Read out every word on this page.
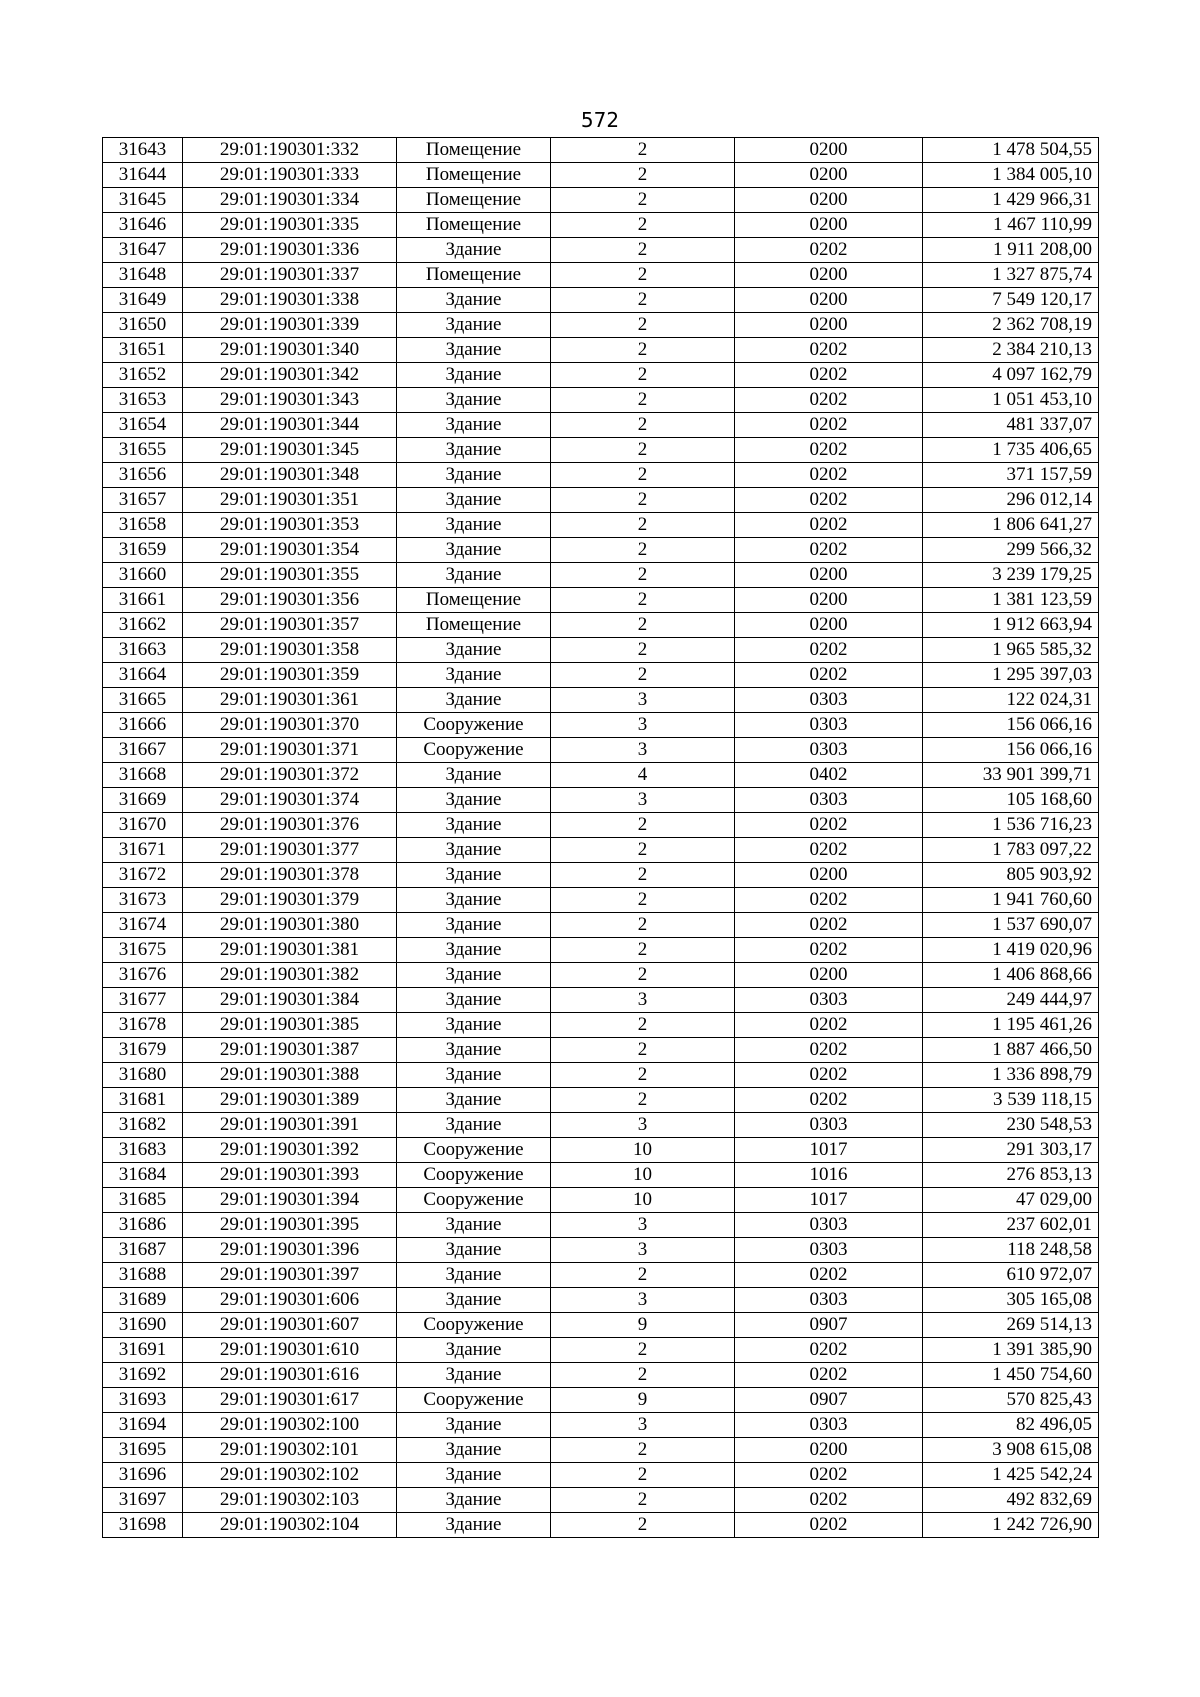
572
31643	29:01:190301:332	Помещение	2	0200	1 478 504,55
31644	29:01:190301:333	Помещение	2	0200	1 384 005,10
31645	29:01:190301:334	Помещение	2	0200	1 429 966,31
31646	29:01:190301:335	Помещение	2	0200	1 467 110,99
31647	29:01:190301:336	Здание	2	0202	1 911 208,00
31648	29:01:190301:337	Помещение	2	0200	1 327 875,74
31649	29:01:190301:338	Здание	2	0200	7 549 120,17
31650	29:01:190301:339	Здание	2	0200	2 362 708,19
31651	29:01:190301:340	Здание	2	0202	2 384 210,13
31652	29:01:190301:342	Здание	2	0202	4 097 162,79
31653	29:01:190301:343	Здание	2	0202	1 051 453,10
31654	29:01:190301:344	Здание	2	0202	481 337,07
31655	29:01:190301:345	Здание	2	0202	1 735 406,65
31656	29:01:190301:348	Здание	2	0202	371 157,59
31657	29:01:190301:351	Здание	2	0202	296 012,14
31658	29:01:190301:353	Здание	2	0202	1 806 641,27
31659	29:01:190301:354	Здание	2	0202	299 566,32
31660	29:01:190301:355	Здание	2	0200	3 239 179,25
31661	29:01:190301:356	Помещение	2	0200	1 381 123,59
31662	29:01:190301:357	Помещение	2	0200	1 912 663,94
31663	29:01:190301:358	Здание	2	0202	1 965 585,32
31664	29:01:190301:359	Здание	2	0202	1 295 397,03
31665	29:01:190301:361	Здание	3	0303	122 024,31
31666	29:01:190301:370	Сооружение	3	0303	156 066,16
31667	29:01:190301:371	Сооружение	3	0303	156 066,16
31668	29:01:190301:372	Здание	4	0402	33 901 399,71
31669	29:01:190301:374	Здание	3	0303	105 168,60
31670	29:01:190301:376	Здание	2	0202	1 536 716,23
31671	29:01:190301:377	Здание	2	0202	1 783 097,22
31672	29:01:190301:378	Здание	2	0200	805 903,92
31673	29:01:190301:379	Здание	2	0202	1 941 760,60
31674	29:01:190301:380	Здание	2	0202	1 537 690,07
31675	29:01:190301:381	Здание	2	0202	1 419 020,96
31676	29:01:190301:382	Здание	2	0200	1 406 868,66
31677	29:01:190301:384	Здание	3	0303	249 444,97
31678	29:01:190301:385	Здание	2	0202	1 195 461,26
31679	29:01:190301:387	Здание	2	0202	1 887 466,50
31680	29:01:190301:388	Здание	2	0202	1 336 898,79
31681	29:01:190301:389	Здание	2	0202	3 539 118,15
31682	29:01:190301:391	Здание	3	0303	230 548,53
31683	29:01:190301:392	Сооружение	10	1017	291 303,17
31684	29:01:190301:393	Сооружение	10	1016	276 853,13
31685	29:01:190301:394	Сооружение	10	1017	47 029,00
31686	29:01:190301:395	Здание	3	0303	237 602,01
31687	29:01:190301:396	Здание	3	0303	118 248,58
31688	29:01:190301:397	Здание	2	0202	610 972,07
31689	29:01:190301:606	Здание	3	0303	305 165,08
31690	29:01:190301:607	Сооружение	9	0907	269 514,13
31691	29:01:190301:610	Здание	2	0202	1 391 385,90
31692	29:01:190301:616	Здание	2	0202	1 450 754,60
31693	29:01:190301:617	Сооружение	9	0907	570 825,43
31694	29:01:190302:100	Здание	3	0303	82 496,05
31695	29:01:190302:101	Здание	2	0200	3 908 615,08
31696	29:01:190302:102	Здание	2	0202	1 425 542,24
31697	29:01:190302:103	Здание	2	0202	492 832,69
31698	29:01:190302:104	Здание	2	0202	1 242 726,90
